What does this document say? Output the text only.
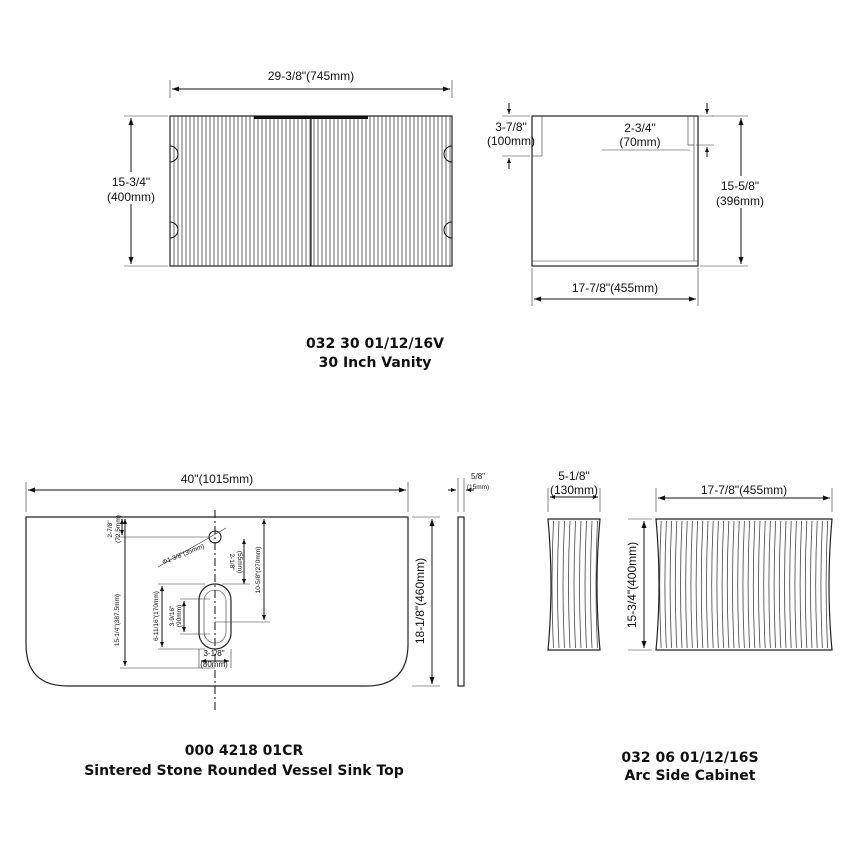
29-3/8"(745mm)
15-3/4"
(400mm)
3-7/8"
(100mm)
2-3/4"
(70mm)
15-5/8"
(396mm)
17-7/8"(455mm)
032 30 01/12/16V
30 Inch Vanity
40"(1015mm)
Φ1-3/8"(35mm)
2-7/8" (72.5mm)
2-1/8" (55mm) 10-5/8"(270mm)
15-1/4"(387.5mm)	6-11/16"(170mm) 3-9/16" (90mm)
3-1/8"
(80mm)
18-1/8"(460mm)
5/8"
(15mm)
000 4218 01CR
Sintered Stone Rounded Vessel Sink Top
5-1/8"
(130mm)	17-7/8"(455mm)
15-3/4"(400mm)
032 06 01/12/16S
Arc Side Cabinet
